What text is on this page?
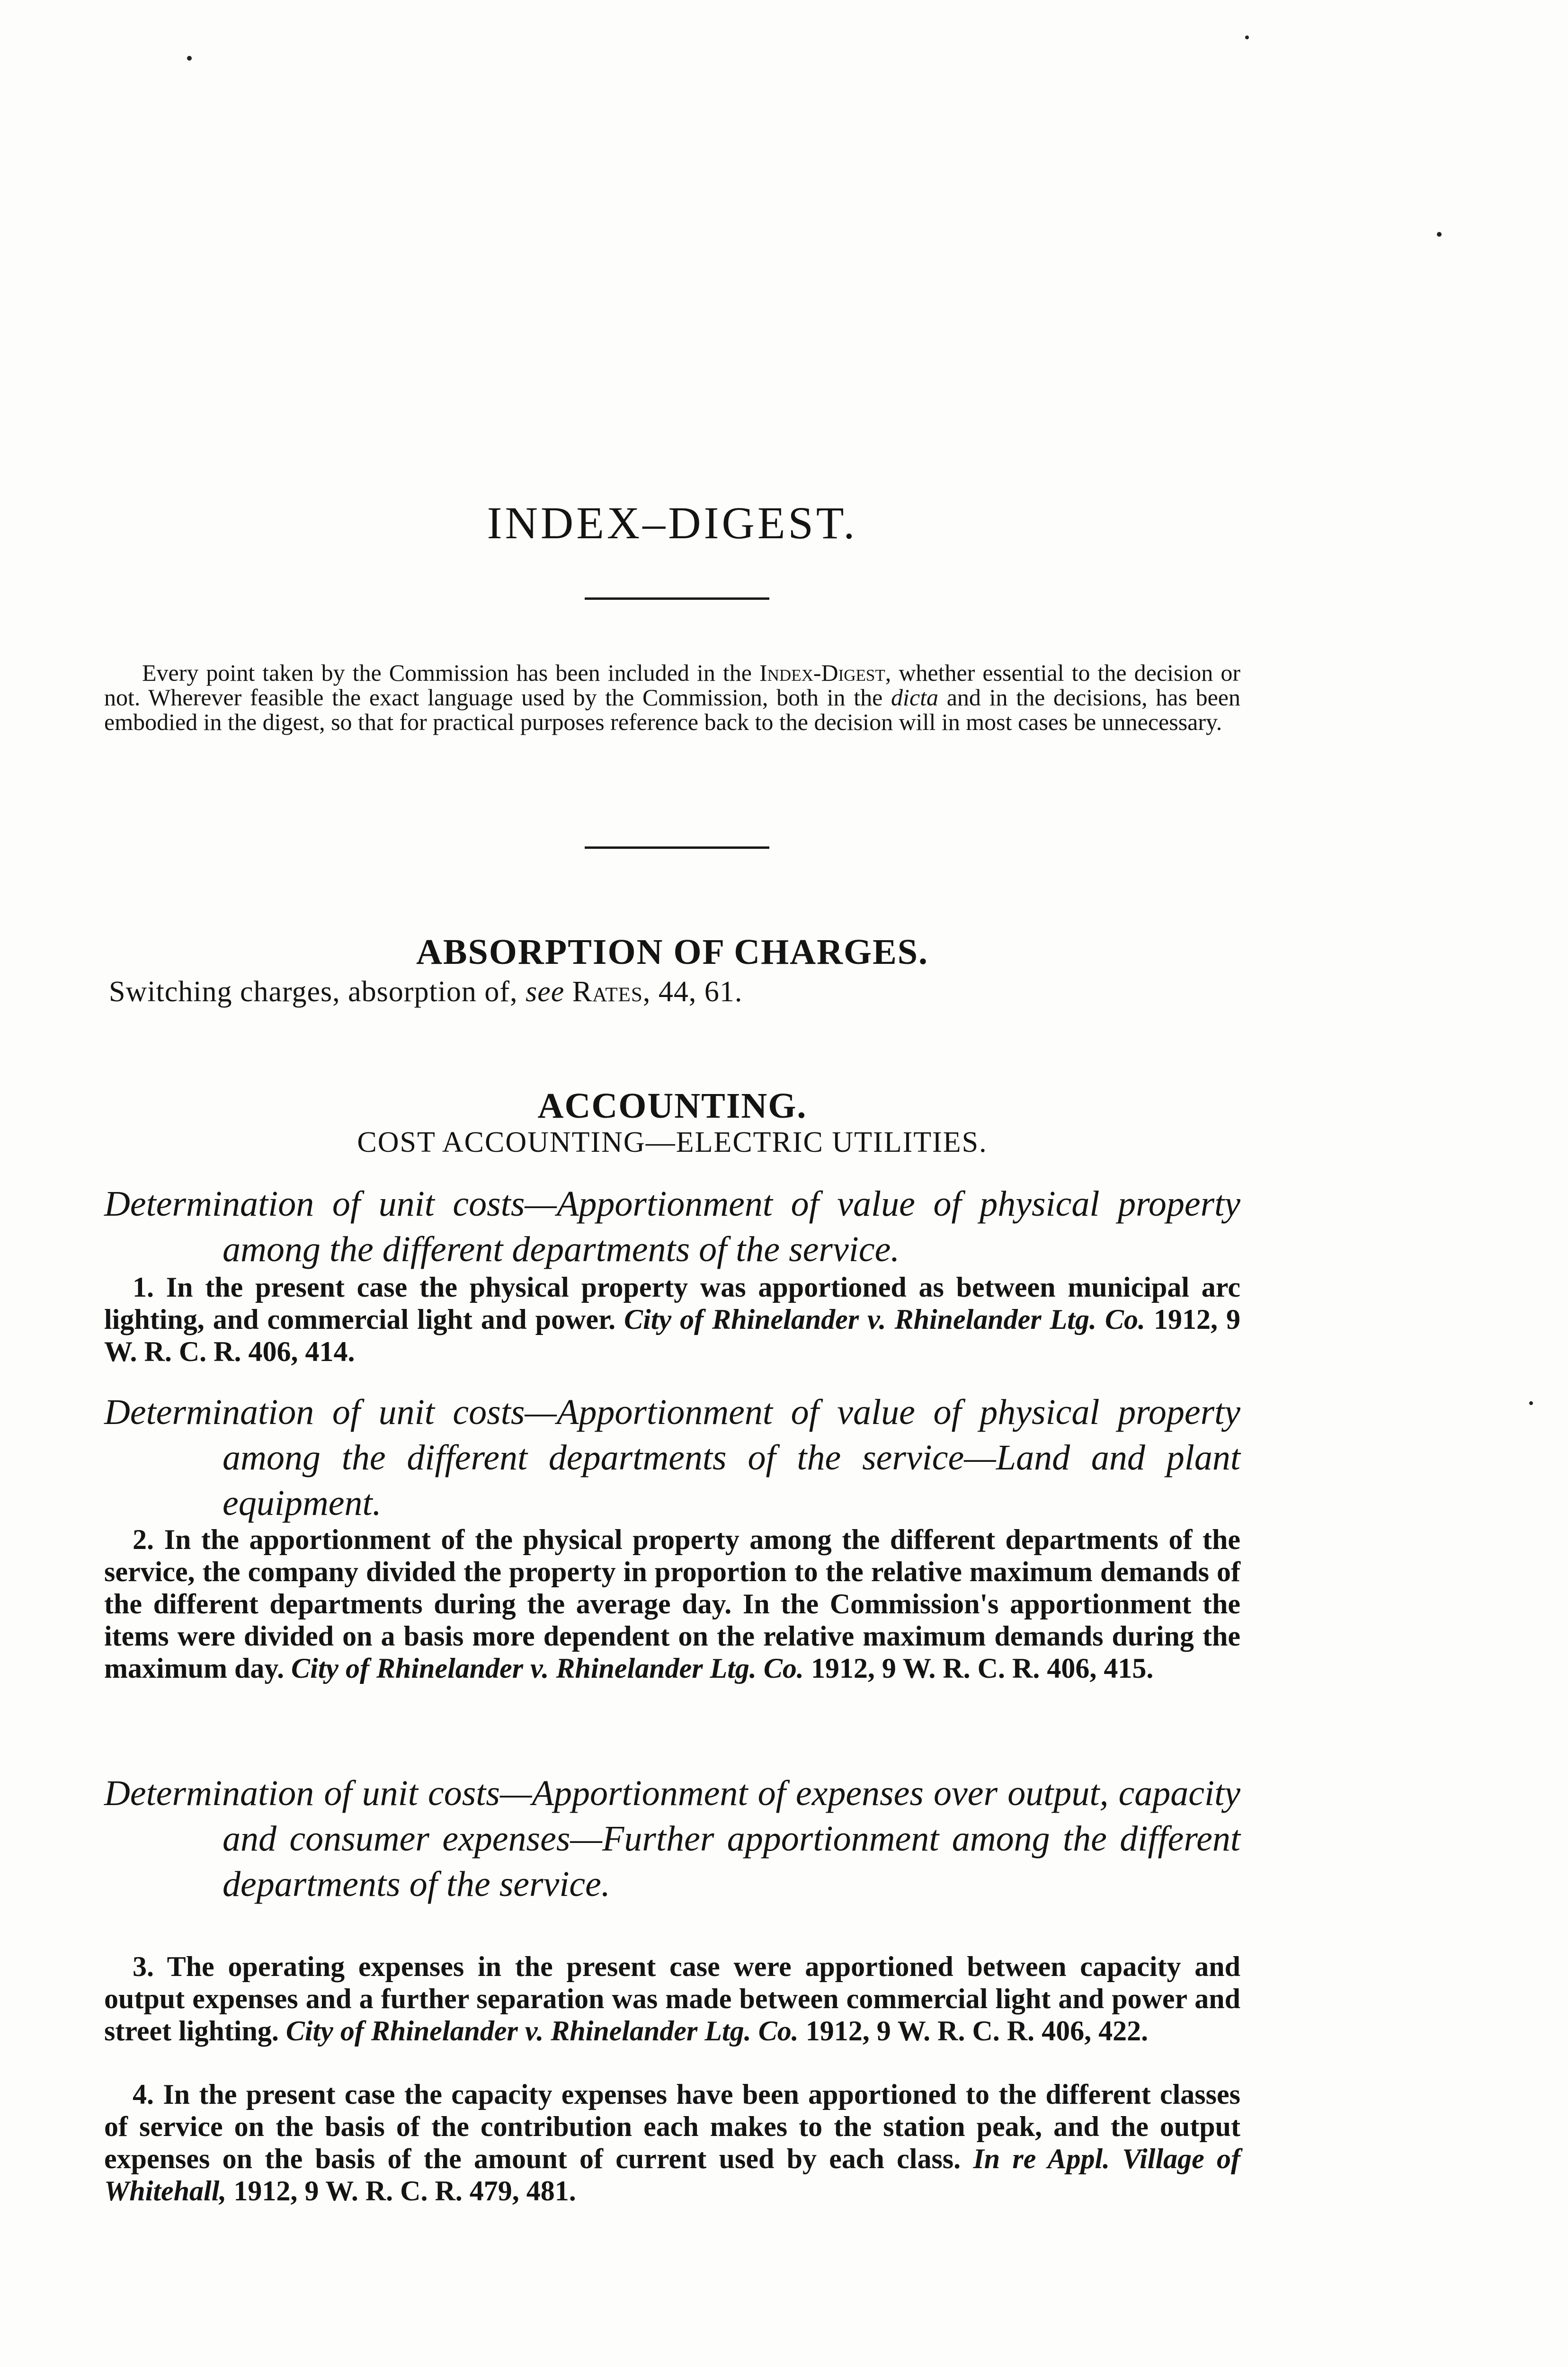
INDEX–DIGEST.

Every point taken by the Commission has been included in the Index-Digest, whether essential to the decision or not. Wherever feasible the exact language used by the Commission, both in the dicta and in the decisions, has been embodied in the digest, so that for practical purposes reference back to the decision will in most cases be unnecessary.

ABSORPTION OF CHARGES.
Switching charges, absorption of, see Rates, 44, 61.
ACCOUNTING.
COST ACCOUNTING—ELECTRIC UTILITIES.
Determination of unit costs—Apportionment of value of physical property among the different departments of the service.

1. In the present case the physical property was apportioned as between municipal arc lighting, and commercial light and power. City of Rhinelander v. Rhinelander Ltg. Co. 1912, 9 W. R. C. R. 406, 414.

Determination of unit costs—Apportionment of value of physical property among the different departments of the service—Land and plant equipment.

2. In the apportionment of the physical property among the different departments of the service, the company divided the property in proportion to the relative maximum demands of the different departments during the average day. In the Commission's apportionment the items were divided on a basis more dependent on the relative maximum demands during the maximum day. City of Rhinelander v. Rhinelander Ltg. Co. 1912, 9 W. R. C. R. 406, 415.

Determination of unit costs—Apportionment of expenses over output, capacity and consumer expenses—Further apportionment among the different departments of the service.

3. The operating expenses in the present case were apportioned between capacity and output expenses and a further separation was made between commercial light and power and street lighting. City of Rhinelander v. Rhinelander Ltg. Co. 1912, 9 W. R. C. R. 406, 422.

4. In the present case the capacity expenses have been apportioned to the different classes of service on the basis of the contribution each makes to the station peak, and the output expenses on the basis of the amount of current used by each class. In re Appl. Village of Whitehall, 1912, 9 W. R. C. R. 479, 481.
